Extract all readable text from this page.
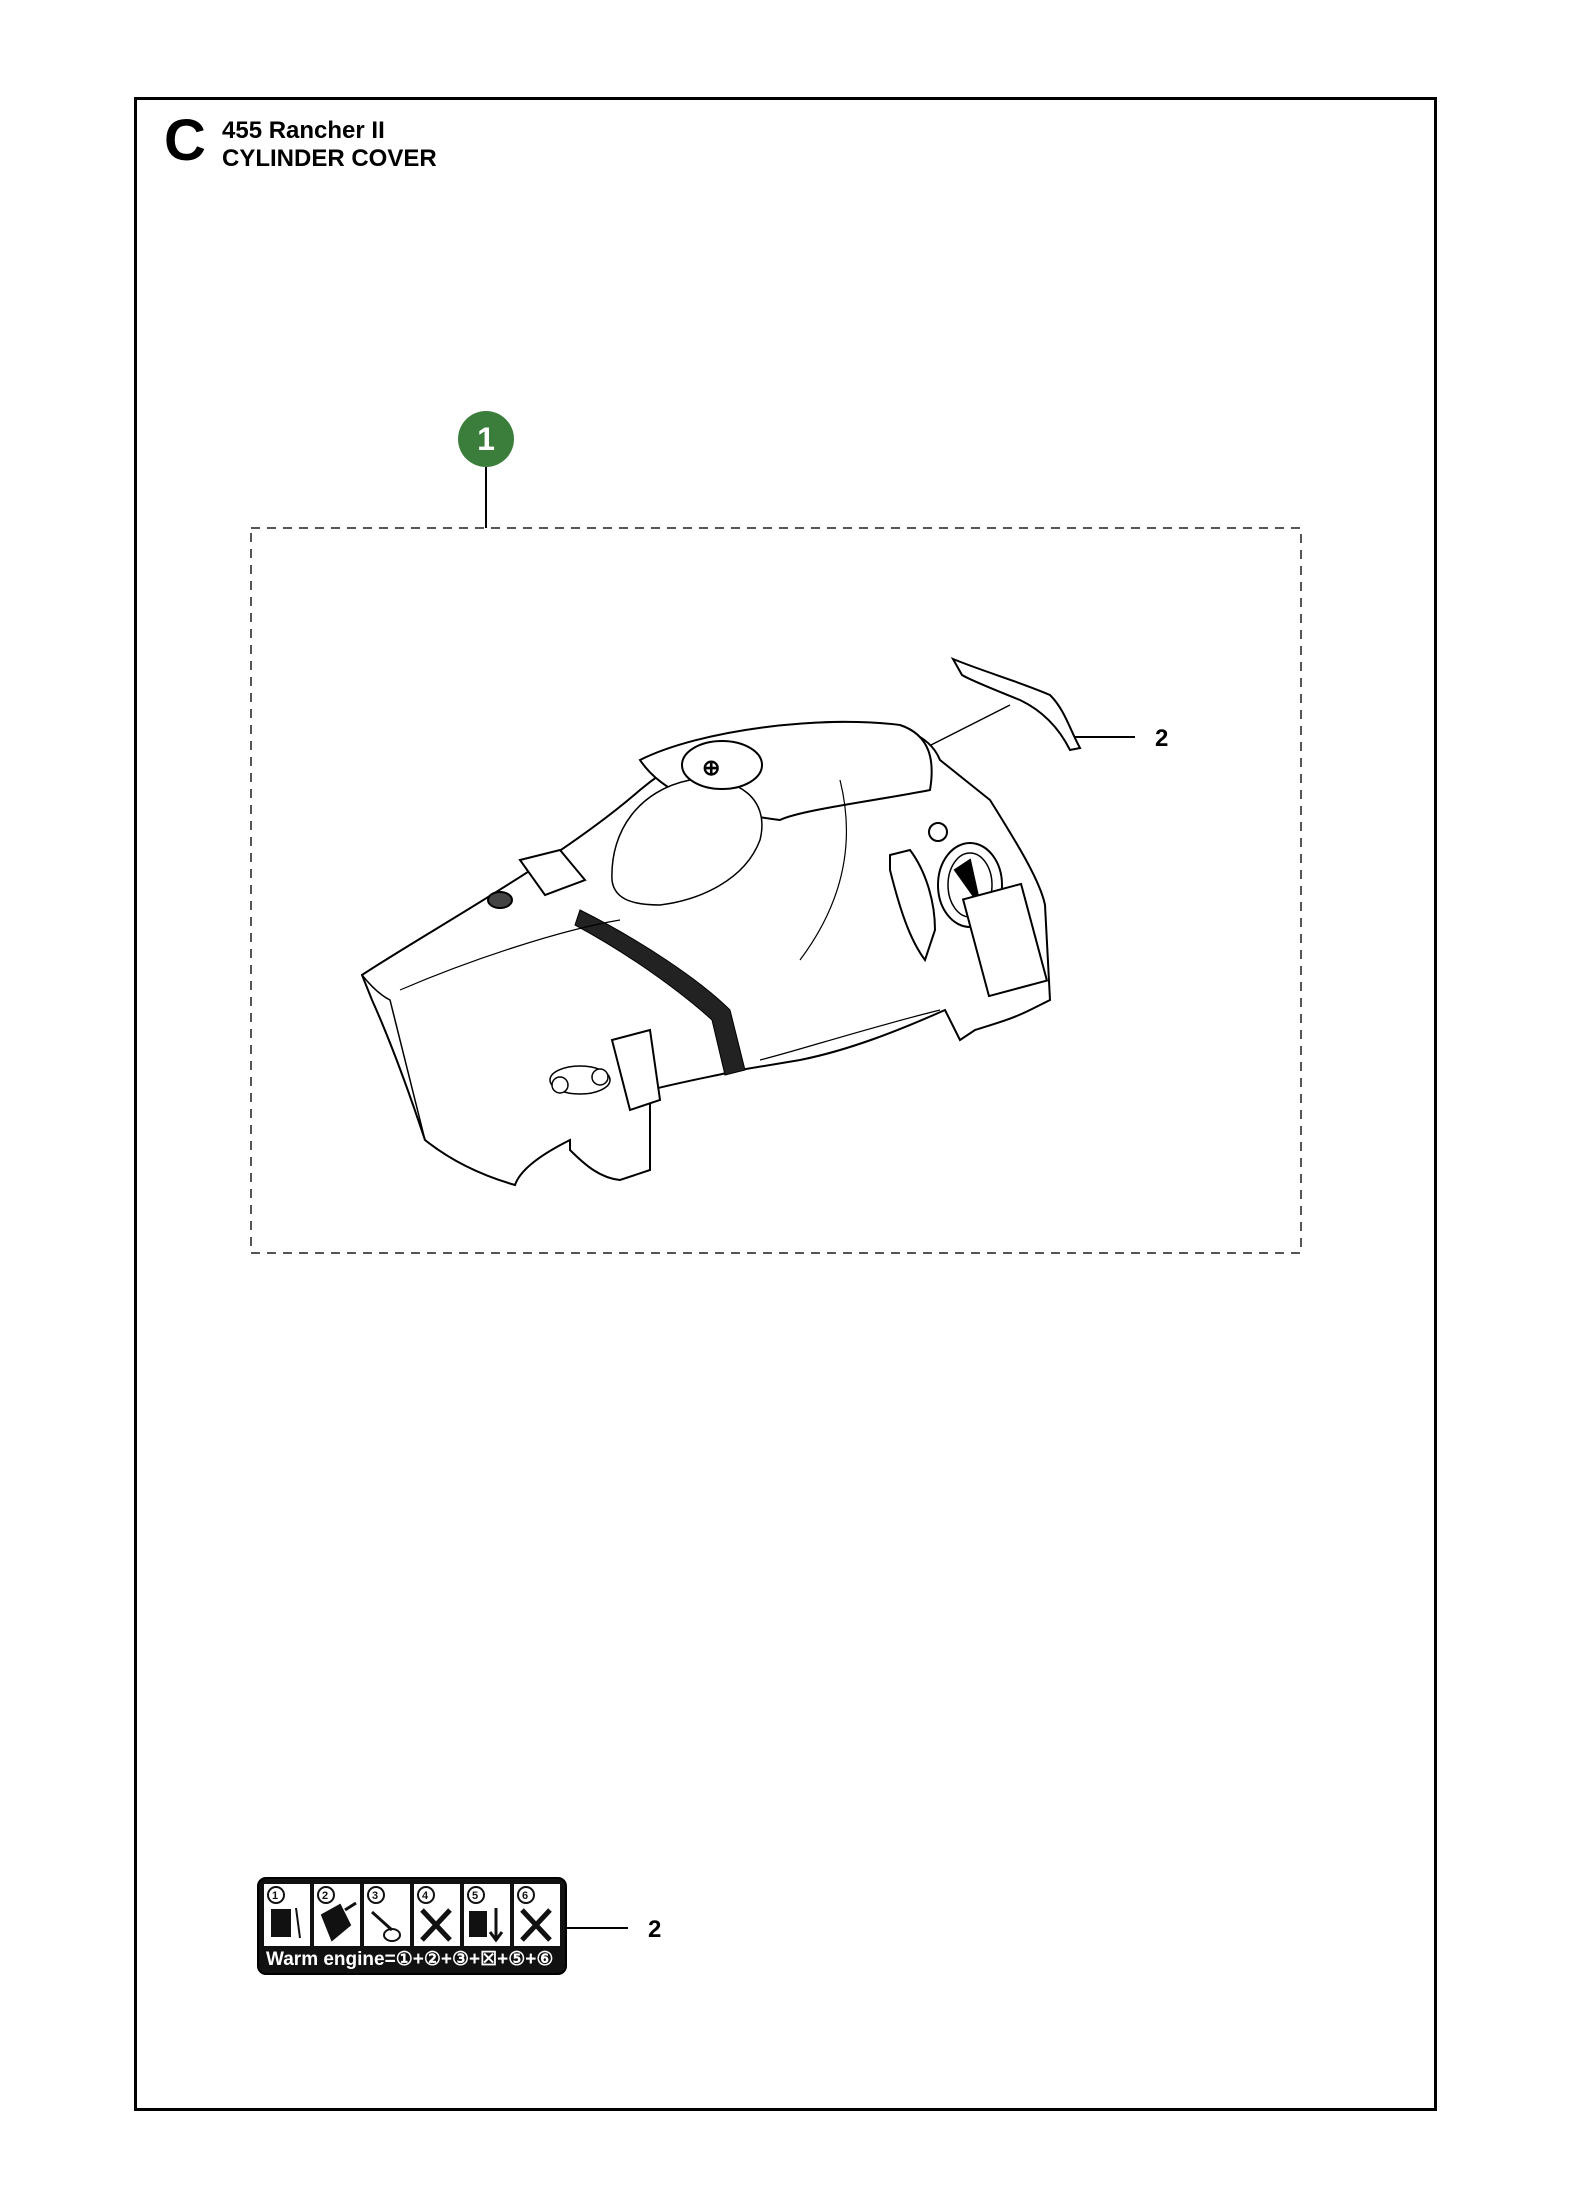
C 455 Rancher II
CYLINDER COVER
⊕
1	2	3	4	5	6
1
2
2
Warm engine=①+②+③+☒+⑤+⑥
